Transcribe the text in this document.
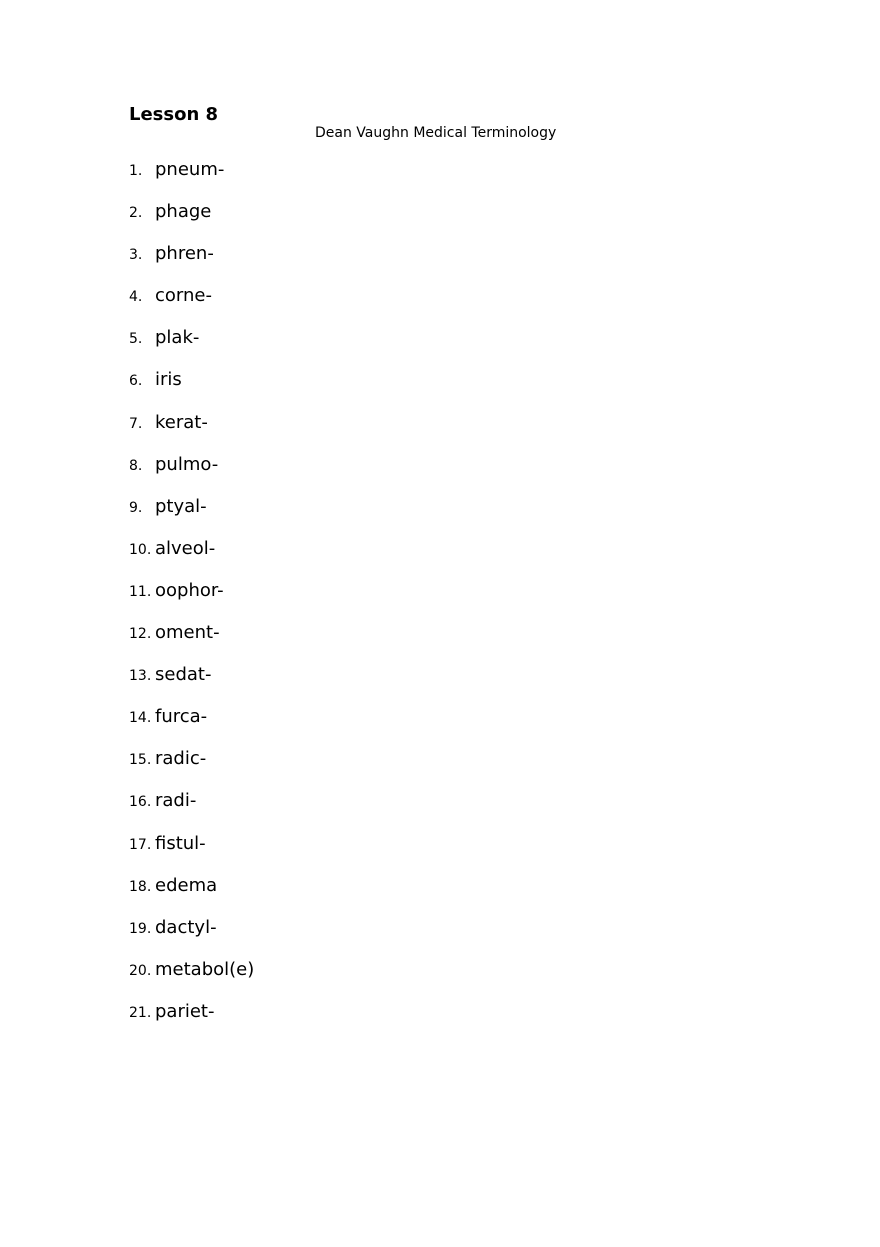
Lesson 8

Dean Vaughn Medical Terminology

1. pneum-
2. phage
3. phren-
4. corne-
5. plak-
6. iris
7. kerat-
8. pulmo-
9. ptyal-
10. alveol-
11. oophor-
12. oment-
13. sedat-
14. furca-
15. radic-
16. radi-
17. fistul-
18. edema
19. dactyl-
20. metabol(e)
21. pariet-
